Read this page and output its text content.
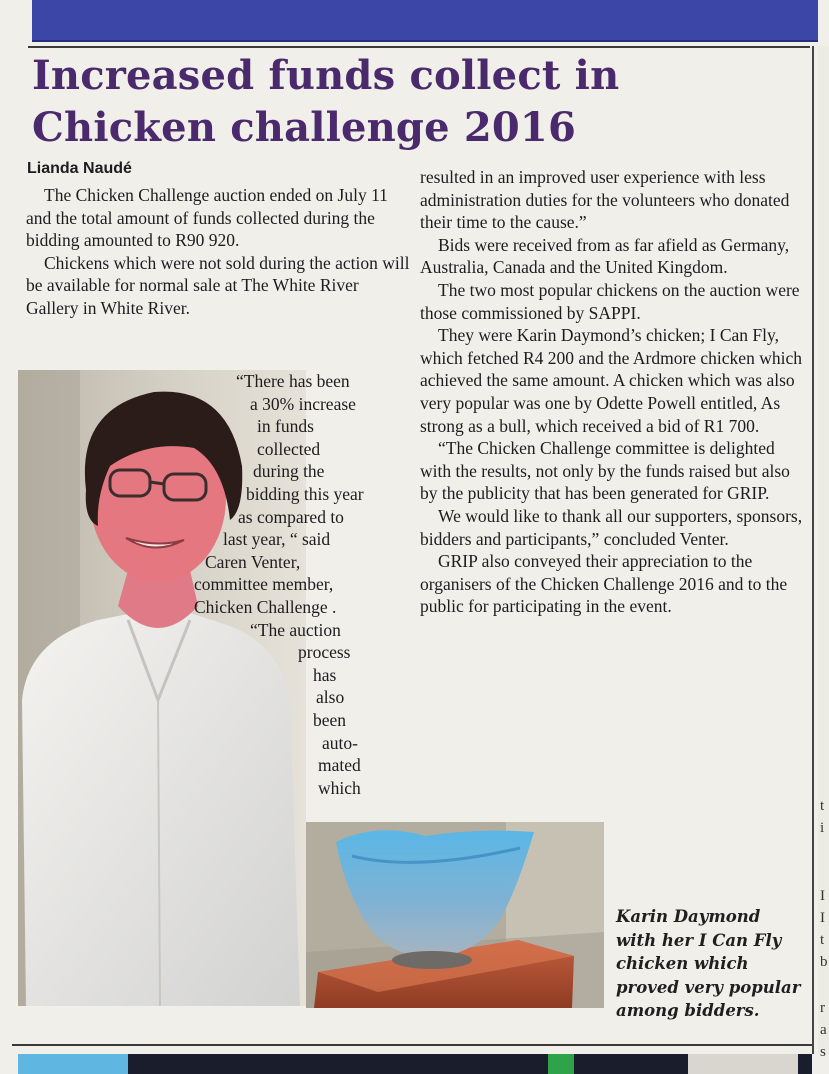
t
i
I
I
t
b
r
a
s
Increased funds collect in Chicken challenge 2016
Lianda Naudé

The Chicken Challenge auction ended on July 11 and the total amount of funds collected during the bidding amounted to R90 920.

Chickens which were not sold during the action will be available for normal sale at The White River Gallery in White River.

“There has been
a 30% increase
in funds
collected
during the
bidding this year
as compared to
last year, “ said
Caren Venter,
committee member,
Chicken Challenge .
“The auction
process
has
also
been
auto-
mated
which

resulted in an improved user experience with less administration duties for the volunteers who donated their time to the cause.”

Bids were received from as far afield as Germany, Australia, Canada and the United Kingdom.

The two most popular chickens on the auction were those commissioned by SAPPI.

They were Karin Daymond’s chicken; I Can Fly, which fetched R4 200 and the Ardmore chicken which achieved the same amount. A chicken which was also very popular was one by Odette Powell entitled, As strong as a bull, which received a bid of R1 700.

“The Chicken Challenge committee is delighted with the results, not only by the funds raised but also by the publicity that has been generated for GRIP.

We would like to thank all our supporters, sponsors, bidders and participants,” concluded Venter.

GRIP also conveyed their appreciation to the organisers of the Chicken Challenge 2016 and to the public for participating in the event.

Karin Daymond with her I Can Fly chicken which proved very popular among bidders.
